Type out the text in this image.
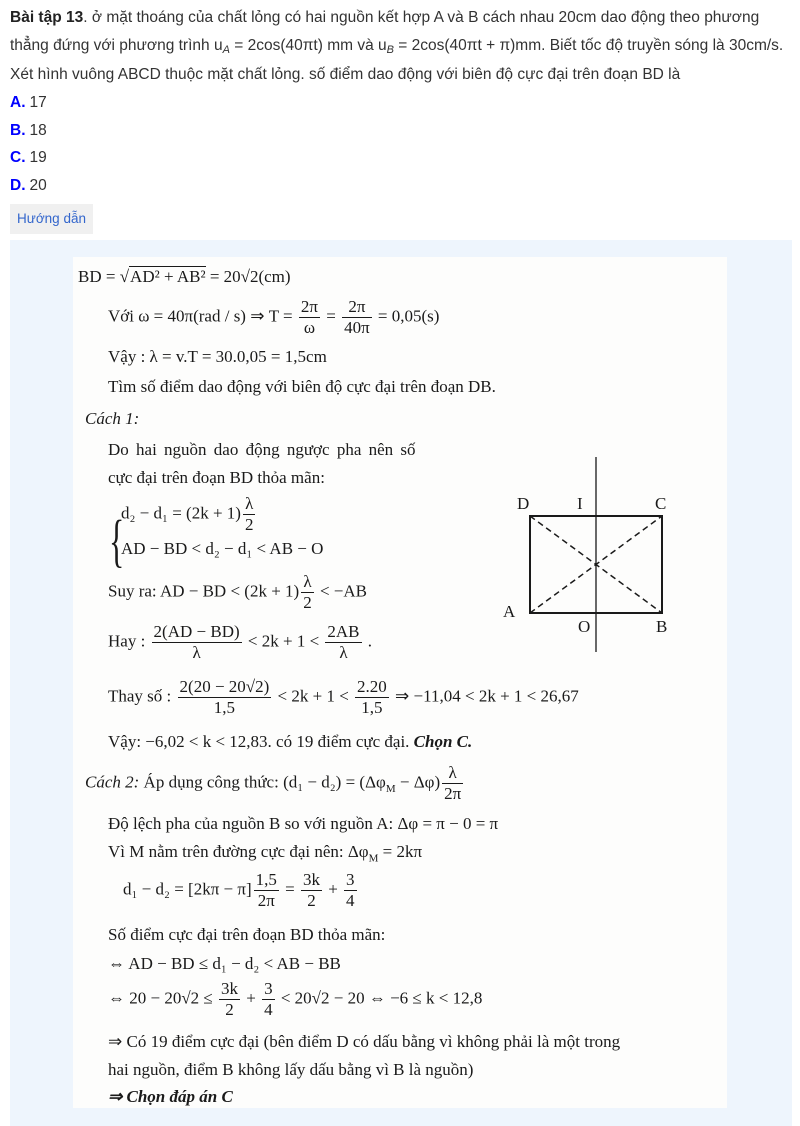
Bài tập 13. ở mặt thoáng của chất lỏng có hai nguồn kết hợp A và B cách nhau 20cm dao động theo phương thẳng đứng với phương trình uA = 2cos(40πt) mm và uB = 2cos(40πt + π)mm. Biết tốc độ truyền sóng là 30cm/s. Xét hình vuông ABCD thuộc mặt chất lỏng. số điểm dao động với biên độ cực đại trên đoạn BD là
A. 17
B. 18
C. 19
D. 20
Hướng dẫn
BD = √AD² + AB² = 20√2(cm)
Với ω = 40π(rad / s) ⇒ $T = \frac{2\pi}{\omega} = \frac{2\pi}{40\pi} = 0,05(s)$
Vậy : λ = v.T = 30.0,05 = 1,5cm
Tìm số điểm dao động với biên độ cực đại trên đoạn DB.
Cách 1:
Do hai nguồn dao động ngược pha nên số
cực đại trên đoạn BD thỏa mãn:
{
$d_2 - d_1 = (2k + 1) \frac{\lambda}{2}$
AD − BD < d₂ − d₁ < AB − O
Suy ra: AD − BD < $(2k + 1) \frac{\lambda}{2} < -AB$
Hay : $\frac{2(AD - BD)}{\lambda} < 2k + 1 < \frac{2AB}{\lambda}$ .
Thay số : $\frac{2(20 - 20√2)}{1,5} < 2k + 1 < \frac{2.20}{1,5}$ ⇒ −11,04 < 2k + 1 < 26,67
Vậy: −6,02 < k < 12,83. có 19 điểm cực đại. Chọn C.
Cách 2: Áp dụng công thức: $(d_1 - d_2) = (\Delta\varphi_M - \Delta\varphi) \frac{\lambda}{2\pi}$
Độ lệch pha của nguồn B so với nguồn A: Δφ = π − 0 = π
Vì M nằm trên đường cực đại nên: $\Delta\varphi_M = 2k\pi$
$d_1 - d_2 = [2k\pi - \pi] \frac{1,5}{2\pi} = \frac{3k}{2} + \frac{3}{4}$
Số điểm cực đại trên đoạn BD thỏa mãn:
⇔ AD − BD ≤ d₁ − d₂ < AB − BB
⇔ $20 - 20√2 \le \frac{3k}{2} + \frac{3}{4} < 20√2 - 20$ ⇔ −6 ≤ k < 12,8
⇒ Có 19 điểm cực đại (bên điểm D có dấu bằng vì không phải là một trong
hai nguồn, điểm B không lấy dấu bằng vì B là nguồn)
⇒ Chọn đáp án C
D	I	C
A
O	B
